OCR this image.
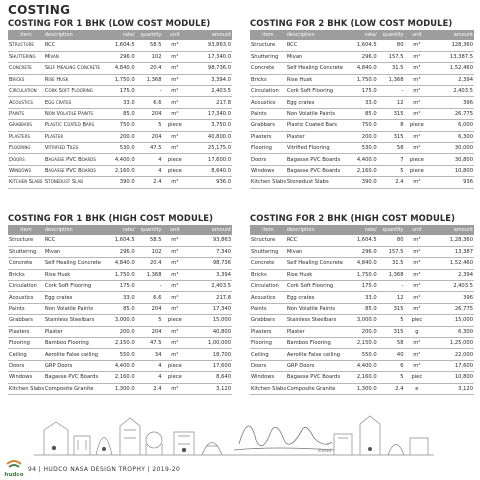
COSTING
COSTING FOR 1 BHK (LOW COST MODULE)
item	description	rate/	quantity	unit	amount
Structure	RCC	1,604.5	58.5	m³	93,863.0
Shuttering	Mivan	296.0	102	m²	17,340.0
Concrete	Self Healing Concrete	4,840.0	20.4	m³	98,736.0
Bricks	Rise Husk	1,750.0	1,368	m³	3,394.0
Circulation	Cork Soft Flooring	175.0	-	m²	2,403.5
Acoustics	Egg crates	33.0	6.6	m²	217.8
Paints	Non Volatile Paints	85.0	204	m²	17,340.0
Grabbars	Plastic Coated Bars	750.0	5	piece	3,750.0
Plasters	Plaster	200.0	204	m²	40,800.0
Flooring	Vitrified Tiles	530.0	47.5	m²	25,175.0
Doors	Bagasse PVC Boards	4,400.0	4	piece	17,600.0
Windows	Bagasse PVC Boards	2,160.0	4	piece	8,640.0
Kitchen Slabs	Stonedust Slab	390.0	2.4	m²	936.0
COSTING FOR 2 BHK (LOW COST MODULE)
item	description	rate/	quantity	unit	amount
Structure	RCC	1,604.5	80	m³	128,360
Shuttering	Mivan	296.0	157.5	m²	13,387.5
Concrete	Self Healing Concrete	4,840.0	31.5	m³	1,52,460
Bricks	Rise Husk	1,750.0	1,368	m³	2,394
Circulation	Cork Soft Flooring	175.0	-	m²	2,403.5
Acoustics	Egg crates	33.0	12	m²	396
Paints	Non Volatile Paints	85.0	315	m²	26,775
Grabbars	Plastic Coated Bars	750.0	8	piece	6,000
Plasters	Plaster	200.0	315	m²	6,300
Flooring	Vitrified Flooring	530.0	58	m²	30,000
Doors	Bagasse PVC Boards	4,400.0	7	piece	30,800
Windows	Bagasse PVC Boards	2,160.0	5	piece	10,800
Kitchen Slabs	Stonedust Slabs	390.0	2.4	m²	936
COSTING FOR 1 BHK (HIGH COST MODULE)
item	description	rate/	quantity	unit	amount
Structure	RCC	1,604.5	58.5	m³	93,863
Shuttering	Mivan	296.0	102	m²	7,340
Concrete	Self Healing Concrete	4,840.0	20.4	m³	98,736
Bricks	Rise Husk	1,750.0	1,368	m³	3,394
Circulation	Cork Soft Flooring	175.0	-	m²	2,403.5
Acoustics	Egg crates	33.0	6.6	m²	217.8
Paints	Non Volatile Paints	85.0	204	m²	17,340
Grabbars	Stainless Steelbars	3,000.0	5	piece	15,000
Plasters	Plaster	200.0	204	m²	40,800
Flooring	Bamboo Flooring	2,150.0	47.5	m²	1,00,000
Ceiling	Aerolite False ceiling	550.0	34	m²	18,700
Doors	GRP Doors	4,400.0	4	piece	17,600
Windows	Bagasse PVC Boards	2,160.0	4	piece	8,640
Kitchen Slabs	Composite Granite	1,300.0	2.4	m²	3,120
COSTING FOR 2 BHK (HIGH COST MODULE)
item	description	rate/	quantity	unit	amount
Structure	RCC	1,604.5	80	m³	1,28,360
Shuttering	Mivan	296.0	157.5	m²	13,387
Concrete	Self Healing Concrete	4,840.0	31.5	m³	1,52,460
Bricks	Rise Husk	1,750.0	1,368	m³	2,394
Circulation	Cork Soft Flooring	175.0	-	m²	2,403.5
Acoustics	Egg crates	33.0	12	m²	396
Paints	Non Volatile Paints	85.0	315	m²	26,775
Grabbars	Stainless Steelbars	3,000.0	5	piec	15,000
Plasters	Plaster	200.0	315	g	6,300
Flooring	Bamboo Flooring	2,150.0	58	m²	1,25,000
Ceiling	Aerolite False ceiling	550.0	40	m²	22,000
Doors	GRP Doors	4,400.0	6	m²	17,600
Windows	Bagasse PVC Boards	2,160.0	5	piec	10,800
Kitchen Slabs	Composite Granite	1,300.0	2.4	e	3,120
Essel
hudco
94 | HUDCO NASA DESIGN TROPHY | 2019-20
